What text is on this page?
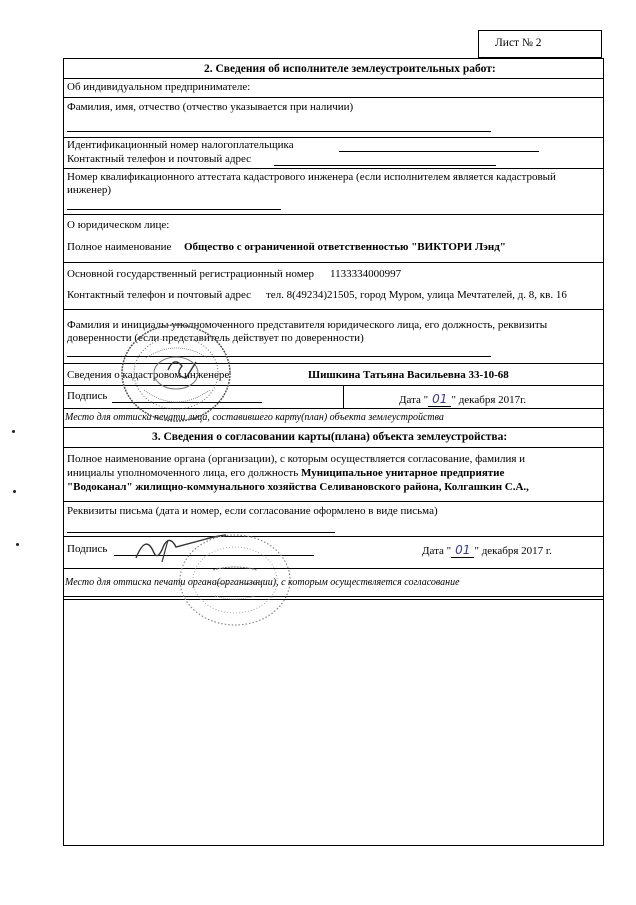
Лист № 2
2. Сведения об исполнителе землеустроительных работ:
Об индивидуальном предпринимателе:
Фамилия, имя, отчество (отчество указывается при наличии)
Идентификационный номер налогоплательщика
Контактный телефон и почтовый адрес
Номер квалификационного аттестата кадастрового инженера (если исполнителем является кадастровый инженер)
О юридическом лице:
Полное наименование Общество с ограниченной ответственностью "ВИКТОРИ Лэнд"
Основной государственный регистрационный номер 1133334000997
Контактный телефон и почтовый адрес тел. 8(49234)21505, город Муром, улица Мечтателей, д. 8, кв. 16
Фамилия и инициалы уполномоченного представителя юридического лица, его должность, реквизиты доверенности (если представитель действует по доверенности)
Сведения о кадастровом инженере	Шишкина Татьяна Васильевна 33-10-68
Подпись	Дата " 01 " декабря 2017г.
Место для оттиска печати лица, составившего карту(план) объекта землеустройства
3. Сведения о согласовании карты(плана) объекта землеустройства:
Полное наименование органа (организации), с которым осуществляется согласование, фамилия и
инициалы уполномоченного лица, его должность Муниципальное унитарное предприятие
"Водоканал" жилищно-коммунального хозяйства Селивановского района, Колгашкин С.А.,
Реквизиты письма (дата и номер, если согласование оформлено в виде письма)
Подпись	Дата " 01 " декабря 2017 г.
Место для оттиска печати органа(организации), с которым осуществляется согласование
